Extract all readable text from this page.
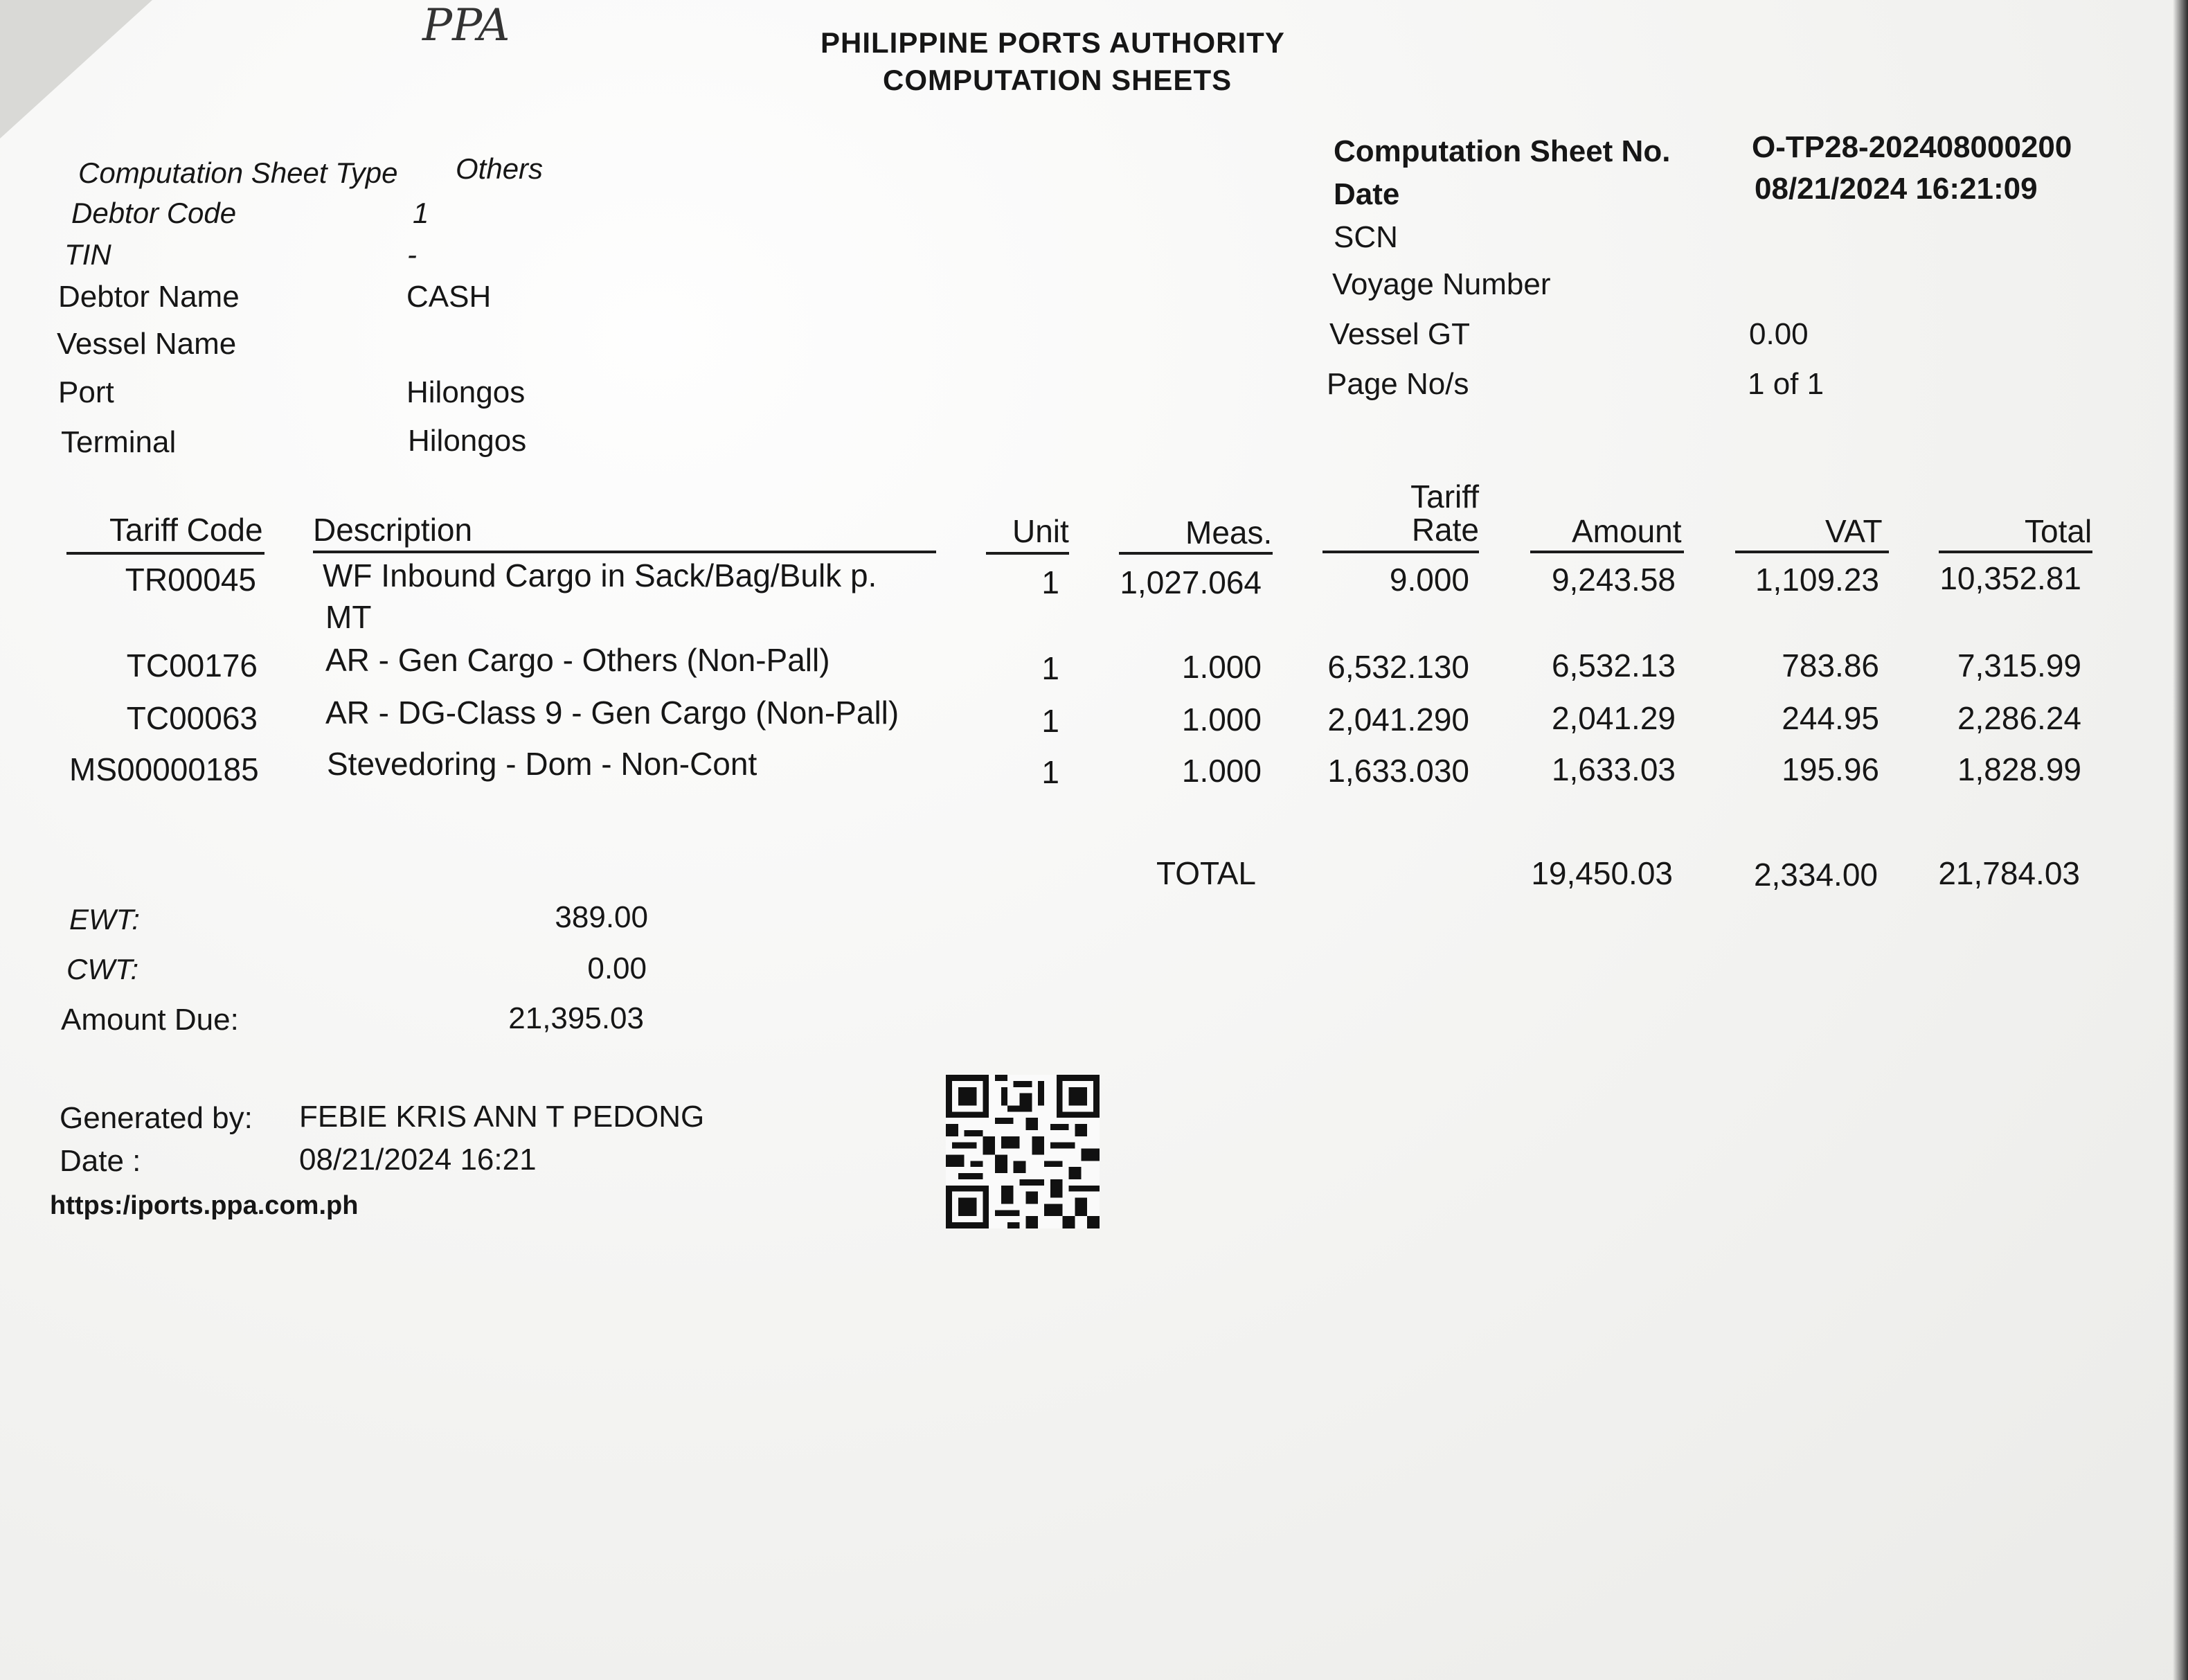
PPA	PHILIPPINE PORTS AUTHORITY
COMPUTATION SHEETS
Computation Sheet Type Others
Debtor Code	1
TIN	-
Debtor Name	CASH
Vessel Name
Port	Hilongos
Terminal	Hilongos
Computation Sheet No.	O-TP28-202408000200
Date	08/21/2024 16:21:09
SCN
Voyage Number
Vessel GT	0.00
Page No/s	1 of 1
Tariff Code Description	Unit	Meas.
Tariff
Rate	Amount	VAT	Total
TR00045 WF Inbound Cargo in Sack/Bag/Bulk p.
MT
1	1,027.064	9.000	9,243.58	1,109.23	10,352.81
TC00176 AR - Gen Cargo - Others (Non-Pall)	1	1.000	6,532.130	6,532.13	783.86	7,315.99
TC00063 AR - DG-Class 9 - Gen Cargo (Non-Pall)	1	1.000	2,041.290	2,041.29	244.95	2,286.24
MS00000185 Stevedoring - Dom - Non-Cont	1	1.000	1,633.030	1,633.03	195.96	1,828.99
TOTAL	19,450.03	2,334.00	21,784.03
EWT:	389.00
CWT:	0.00
Amount Due:	21,395.03
Generated by: FEBIE KRIS ANN T PEDONG
Date :	08/21/2024 16:21
https:/iports.ppa.com.ph
